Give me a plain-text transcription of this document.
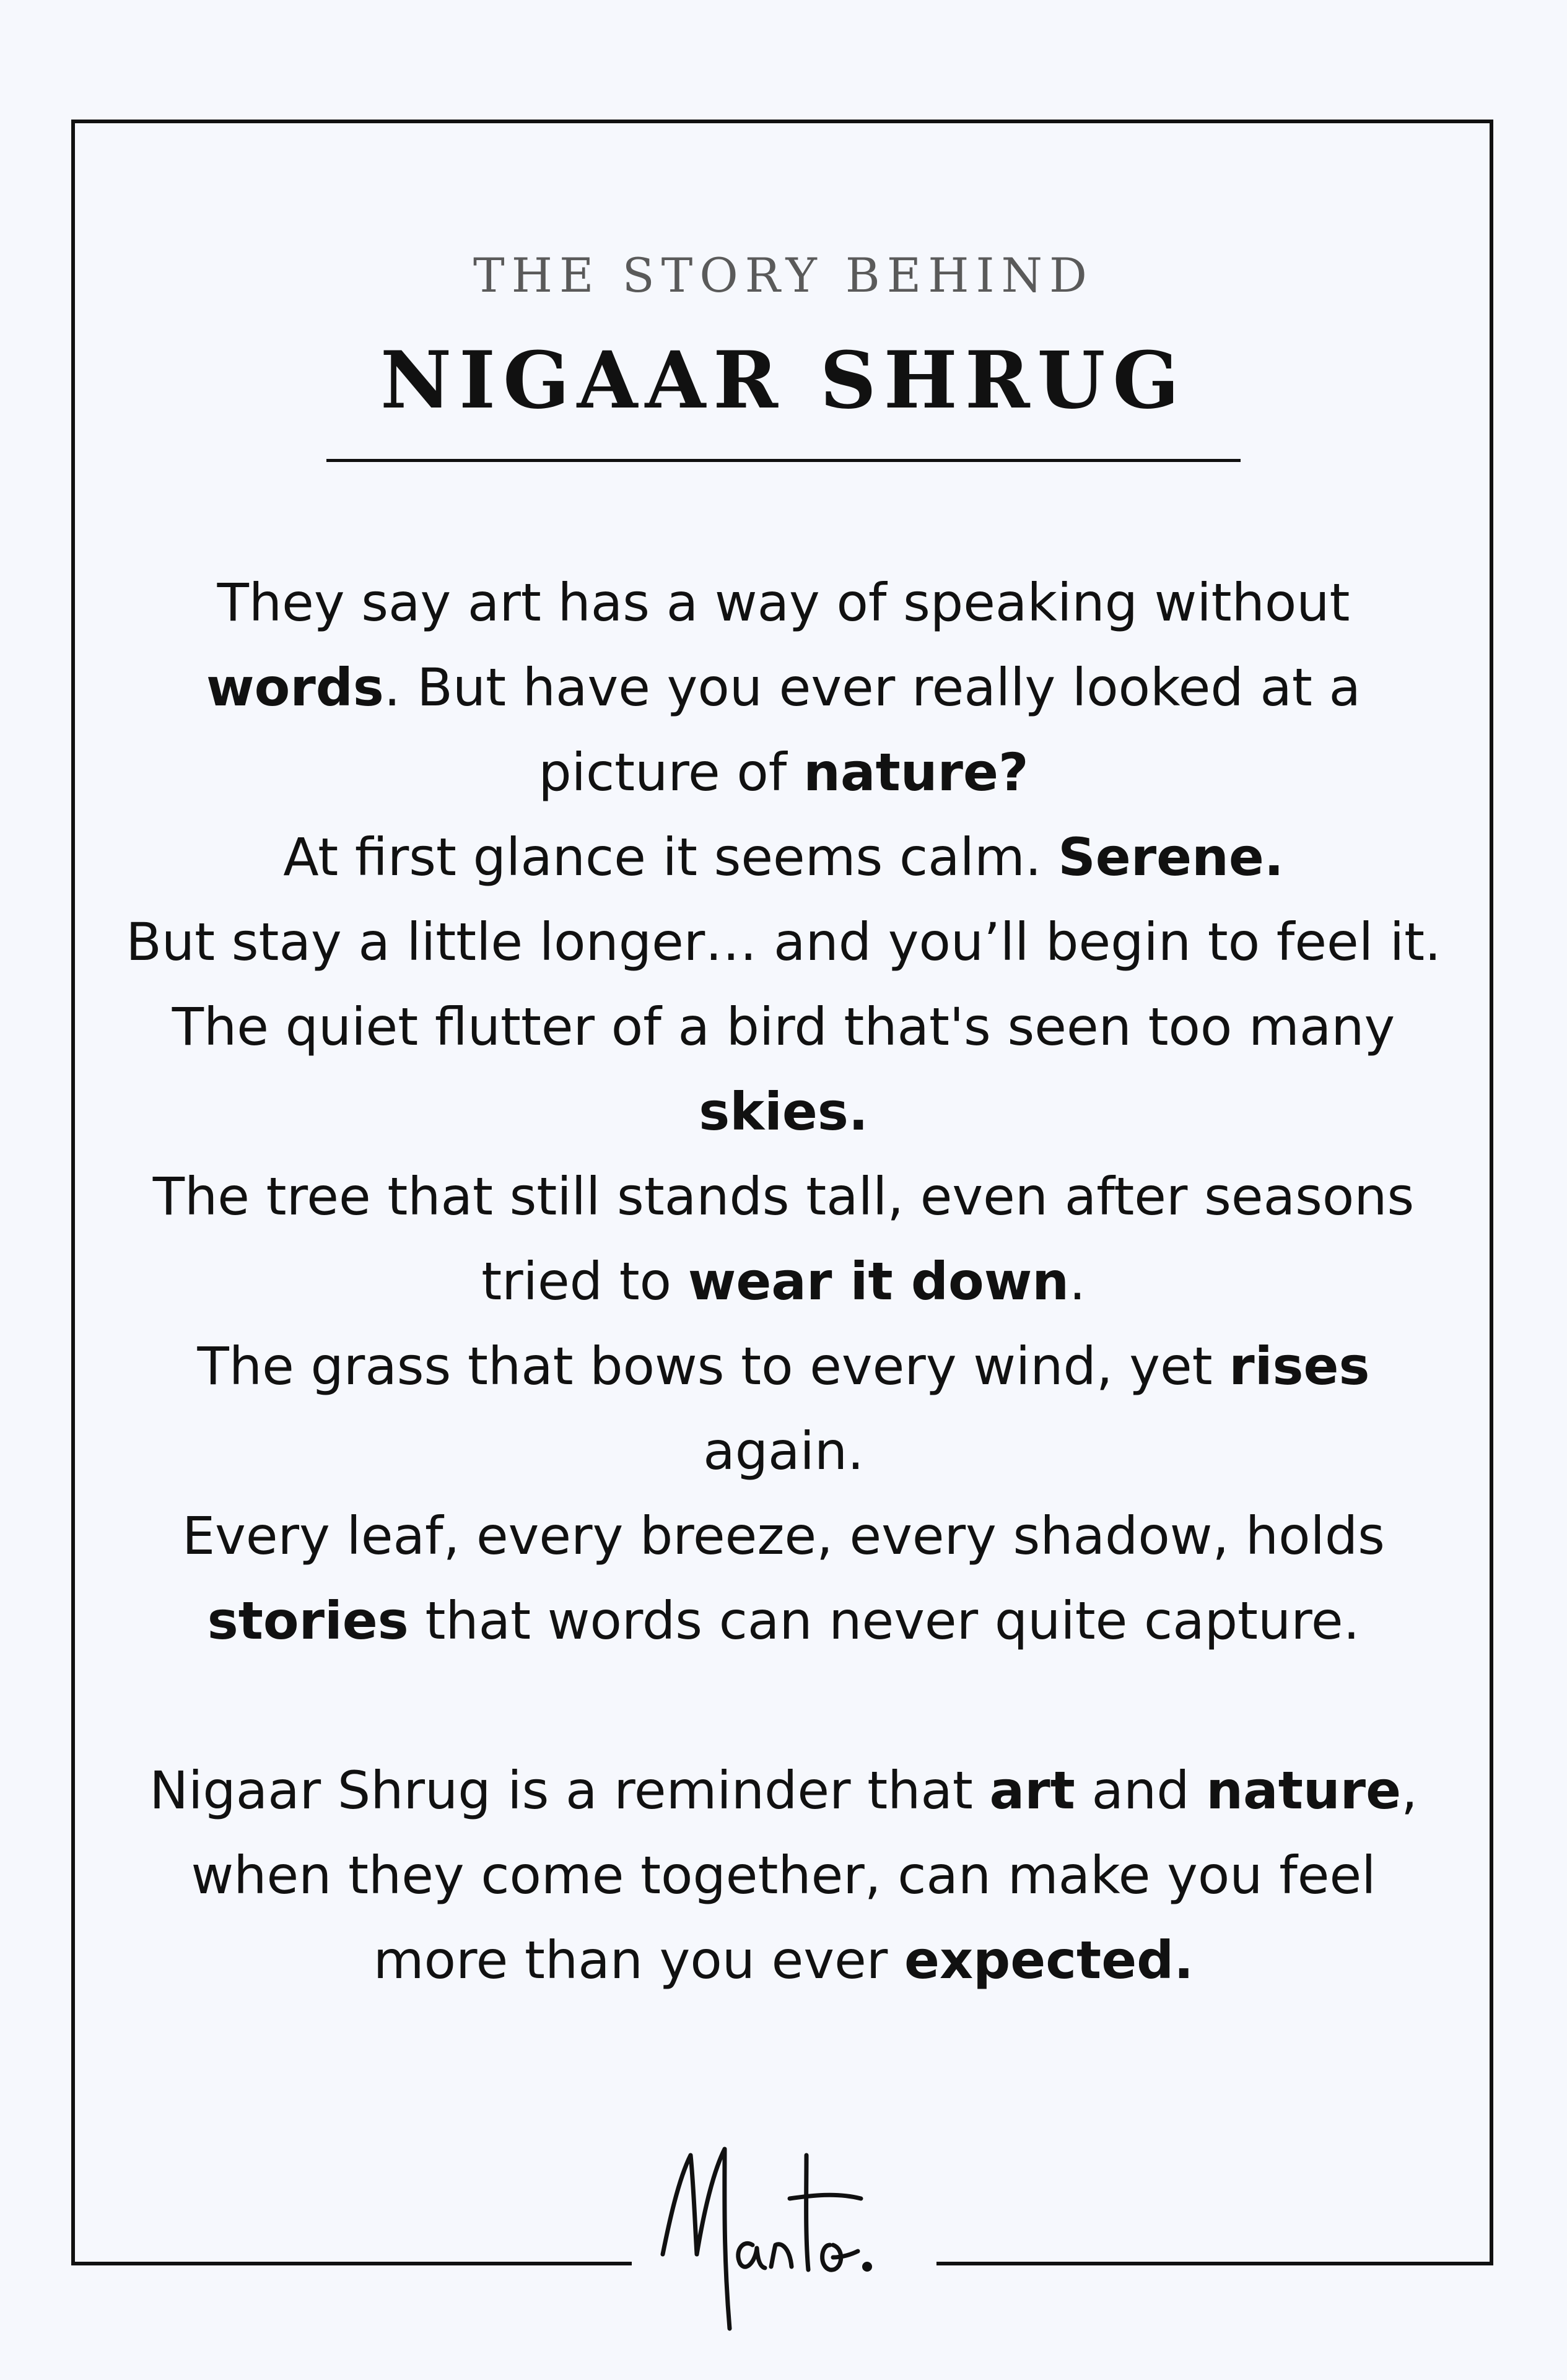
THE STORY BEHIND
NIGAAR SHRUG

They say art has a way of speaking without

words. But have you ever really looked at a

picture of nature?

At first glance it seems calm. Serene.

But stay a little longer… and you’ll begin to feel it.

The quiet flutter of a bird that's seen too many

skies.

The tree that still stands tall, even after seasons

tried to wear it down.

The grass that bows to every wind, yet rises

again.

Every leaf, every breeze, every shadow, holds

stories that words can never quite capture.

Nigaar Shrug is a reminder that art and nature,

when they come together, can make you feel

more than you ever expected.
